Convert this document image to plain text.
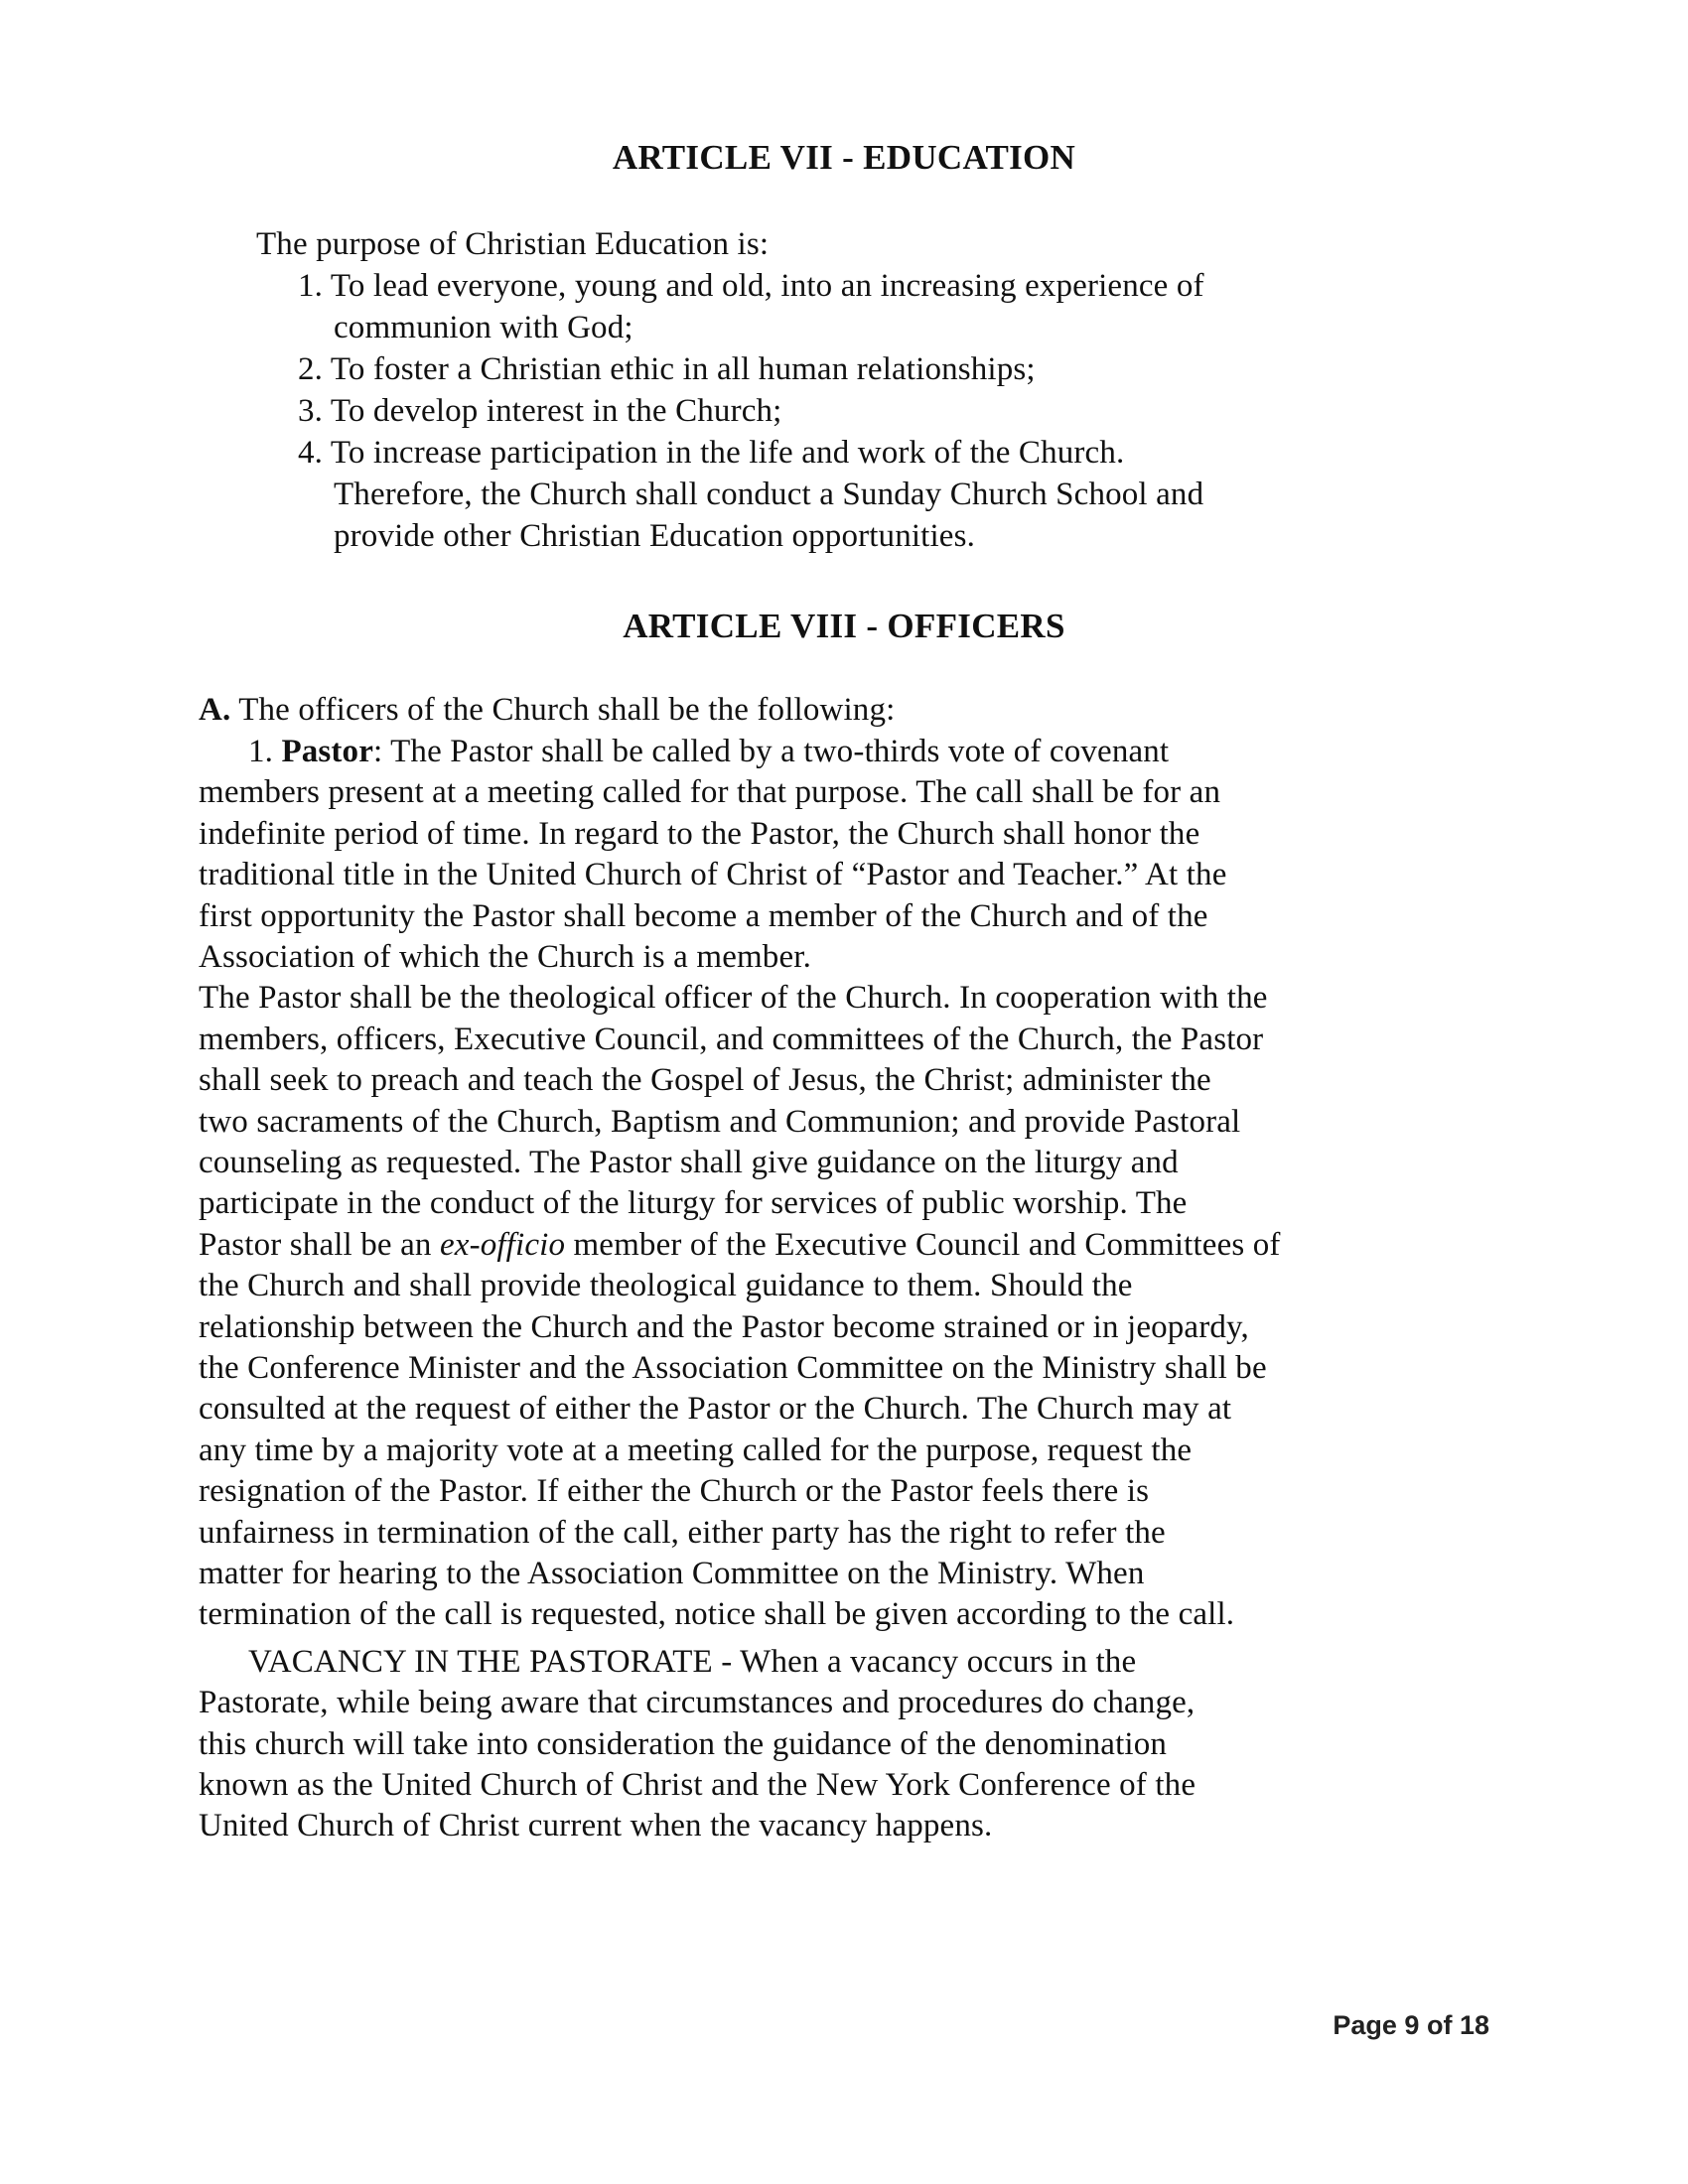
ARTICLE VII - EDUCATION
The purpose of Christian Education is:
1. To lead everyone, young and old, into an increasing experience of
communion with God;
2. To foster a Christian ethic in all human relationships;
3. To develop interest in the Church;
4. To increase participation in the life and work of the Church.
Therefore, the Church shall conduct a Sunday Church School and
provide other Christian Education opportunities.
ARTICLE VIII - OFFICERS
A. The officers of the Church shall be the following:
1. Pastor: The Pastor shall be called by a two-thirds vote of covenant
members present at a meeting called for that purpose. The call shall be for an
indefinite period of time. In regard to the Pastor, the Church shall honor the
traditional title in the United Church of Christ of “Pastor and Teacher.” At the
first opportunity the Pastor shall become a member of the Church and of the
Association of which the Church is a member.
The Pastor shall be the theological officer of the Church. In cooperation with the
members, officers, Executive Council, and committees of the Church, the Pastor
shall seek to preach and teach the Gospel of Jesus, the Christ; administer the
two sacraments of the Church, Baptism and Communion; and provide Pastoral
counseling as requested. The Pastor shall give guidance on the liturgy and
participate in the conduct of the liturgy for services of public worship. The
Pastor shall be an ex-officio member of the Executive Council and Committees of
the Church and shall provide theological guidance to them. Should the
relationship between the Church and the Pastor become strained or in jeopardy,
the Conference Minister and the Association Committee on the Ministry shall be
consulted at the request of either the Pastor or the Church. The Church may at
any time by a majority vote at a meeting called for the purpose, request the
resignation of the Pastor. If either the Church or the Pastor feels there is
unfairness in termination of the call, either party has the right to refer the
matter for hearing to the Association Committee on the Ministry. When
termination of the call is requested, notice shall be given according to the call.
VACANCY IN THE PASTORATE - When a vacancy occurs in the
Pastorate, while being aware that circumstances and procedures do change,
this church will take into consideration the guidance of the denomination
known as the United Church of Christ and the New York Conference of the
United Church of Christ current when the vacancy happens.
Page 9 of 18
